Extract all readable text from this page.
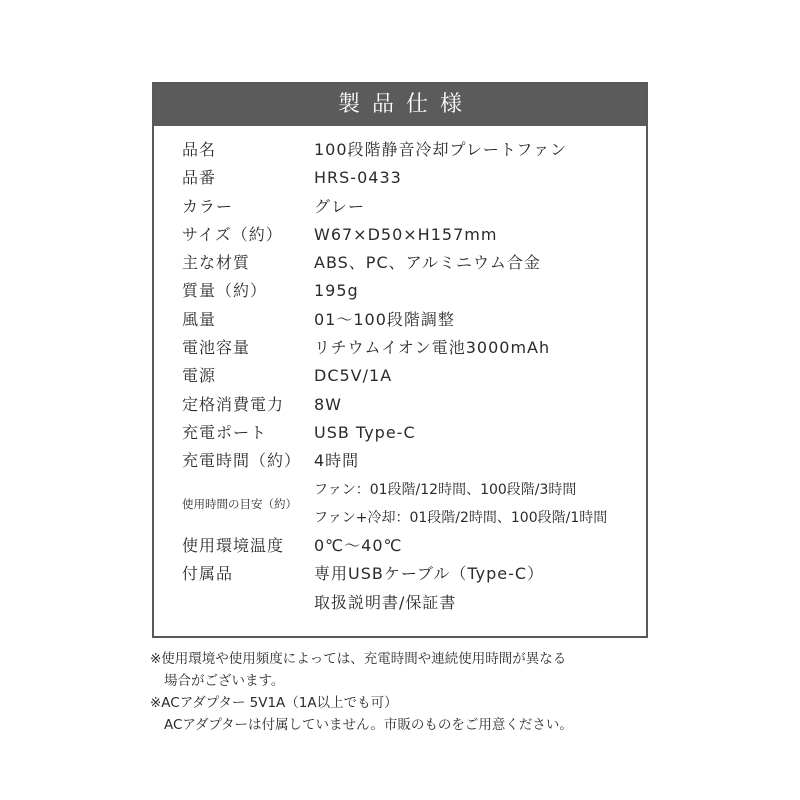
製品仕様
品名	100段階静音冷却プレートファン
品番	HRS-0433
カラー	グレー
サイズ（約） W67×D50×H157mm
主な材質	ABS、PC、アルミニウム合金
質量（約）	195g
風量	01～100段階調整
電池容量	リチウムイオン電池3000mAh
電源	DC5V/1A
定格消費電力 8W
充電ポート	USB Type-C
充電時間（約） 4時間
使用時間の目安（約）
ファン：01段階/12時間、100段階/3時間
ファン+冷却：01段階/2時間、100段階/1時間
使用環境温度 0℃～40℃
付属品	専用USBケーブル（Type-C）
取扱説明書/保証書
※使用環境や使用頻度によっては、充電時間や連続使用時間が異なる
場合がございます。
※ACアダプター 5V1A（1A以上でも可）
ACアダプターは付属していません。市販のものをご用意ください。
